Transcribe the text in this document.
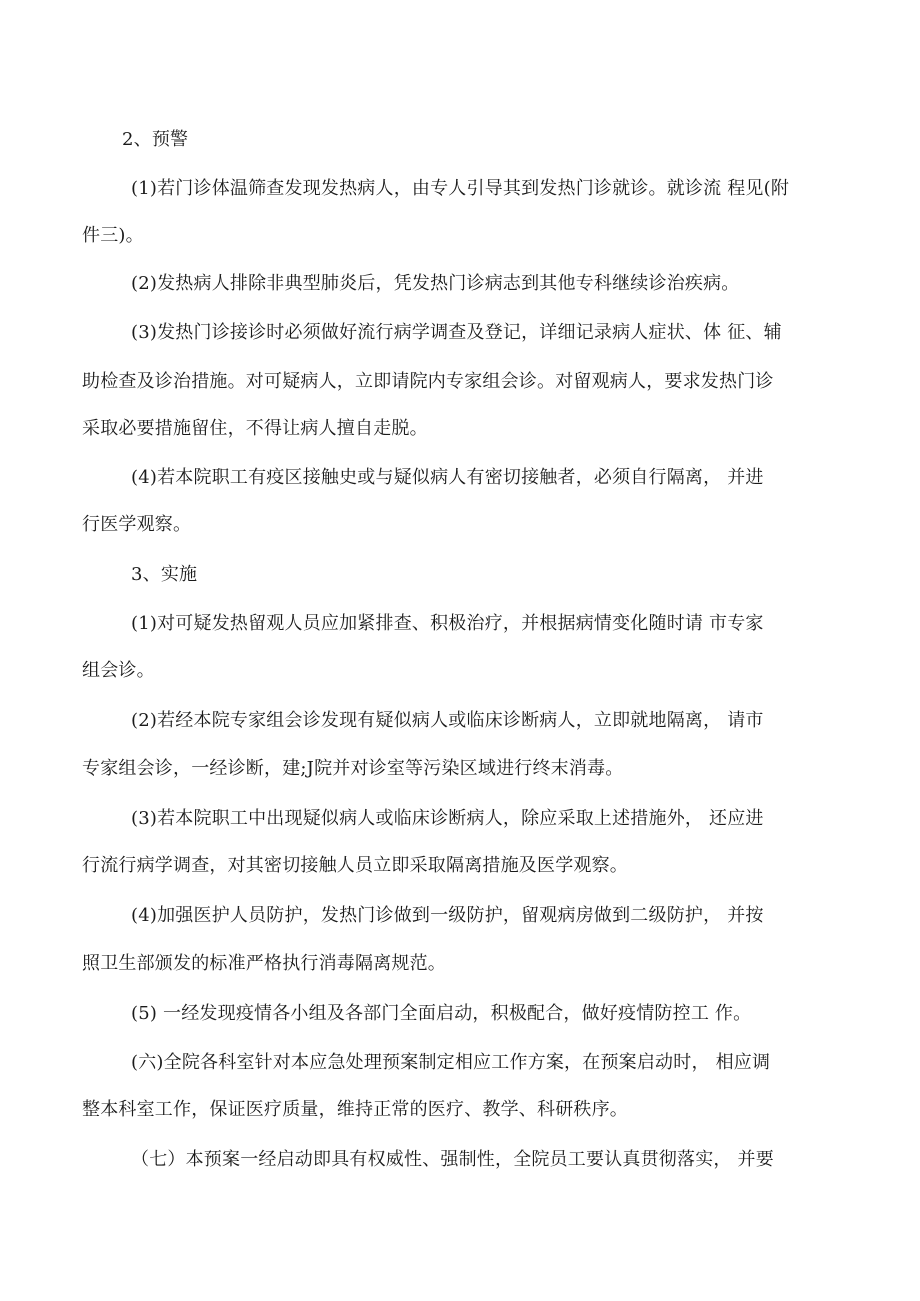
2、预警
(1)若门诊体温筛查发现发热病人，由专人引导其到发热门诊就诊。就诊流 程见(附
件三)。
(2)发热病人排除非典型肺炎后，凭发热门诊病志到其他专科继续诊治疾病。
(3)发热门诊接诊时必须做好流行病学调查及登记，详细记录病人症状、体 征、辅
助检查及诊治措施。对可疑病人，立即请院内专家组会诊。对留观病人，要求发热门诊
采取必要措施留住，不得让病人擅自走脱。
(4)若本院职工有疫区接触史或与疑似病人有密切接触者，必须自行隔离， 并进
行医学观察。
3、实施
(1)对可疑发热留观人员应加紧排查、积极治疗，并根据病情变化随时请 市专家
组会诊。
(2)若经本院专家组会诊发现有疑似病人或临床诊断病人，立即就地隔离， 请市
专家组会诊，一经诊断，建;J院并对诊室等污染区域进行终末消毒。
(3)若本院职工中出现疑似病人或临床诊断病人，除应采取上述措施外， 还应进
行流行病学调查，对其密切接触人员立即采取隔离措施及医学观察。
(4)加强医护人员防护，发热门诊做到一级防护，留观病房做到二级防护， 并按
照卫生部颁发的标准严格执行消毒隔离规范。
(5) 一经发现疫情各小组及各部门全面启动，积极配合，做好疫情防控工 作。
(六)全院各科室针对本应急处理预案制定相应工作方案，在预案启动时， 相应调
整本科室工作，保证医疗质量，维持正常的医疗、教学、科研秩序。
（七）本预案一经启动即具有权威性、强制性，全院员工要认真贯彻落实， 并要
